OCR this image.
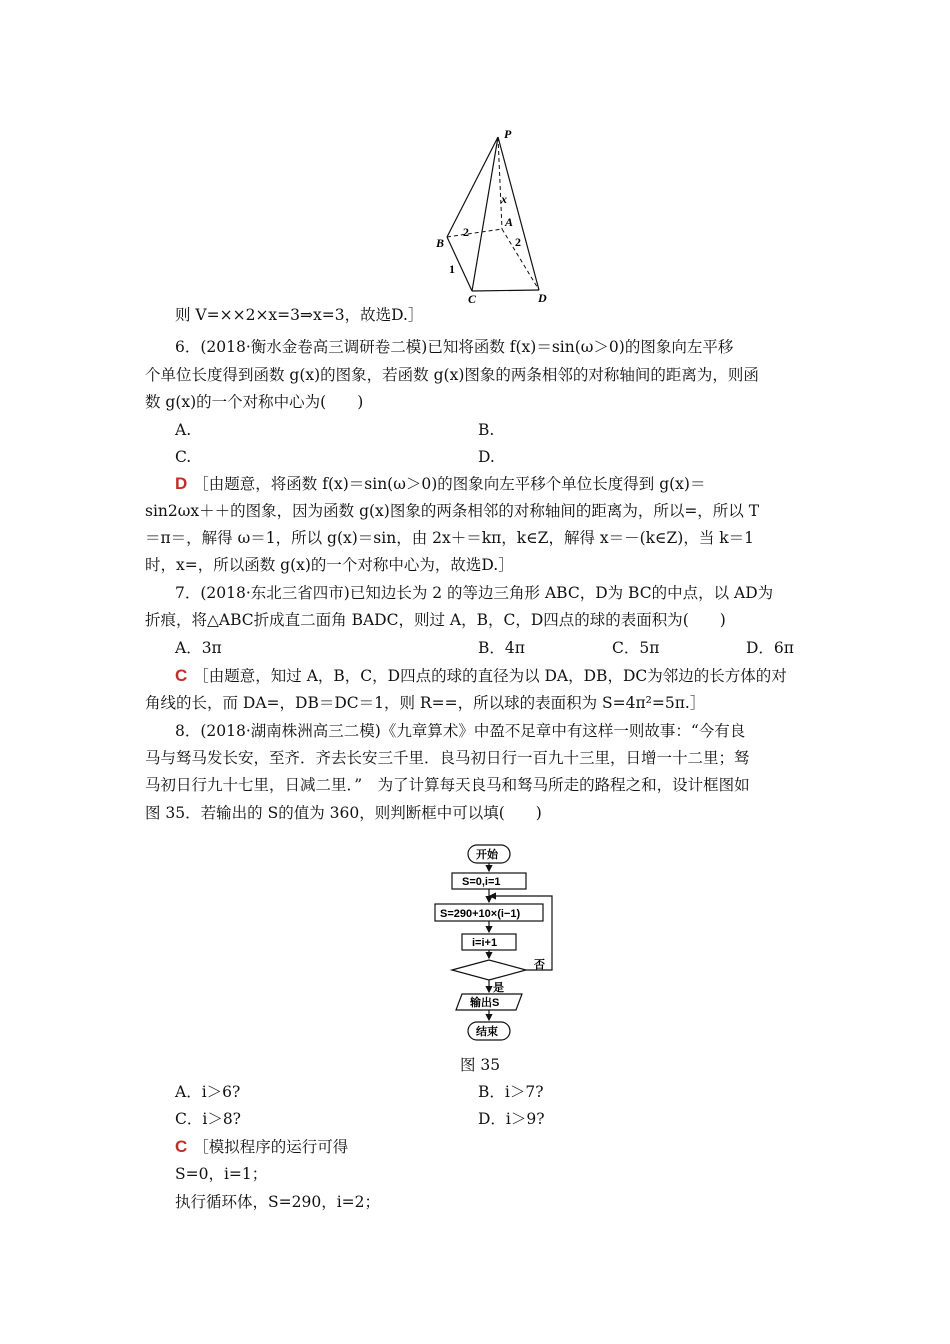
P
x
A
B
C	D
2
2
1
则 V=××2×x=3⇒x=3，故选D.］
6．(2018·衡水金卷高三调研卷二模)已知将函数 f(x)＝sin(ω＞0)的图象向左平移
个单位长度得到函数 g(x)的图象，若函数 g(x)图象的两条相邻的对称轴间的距离为，则函
数 g(x)的一个对称中心为(　　)
A.	B.
C.	D.
D ［由题意，将函数 f(x)＝sin(ω＞0)的图象向左平移个单位长度得到 g(x)＝
sin2ωx＋＋的图象，因为函数 g(x)图象的两条相邻的对称轴间的距离为，所以=，所以 T
＝π＝，解得 ω＝1，所以 g(x)＝sin，由 2x＋＝kπ，k∈Z，解得 x＝－(k∈Z)，当 k＝1
时，x=，所以函数 g(x)的一个对称中心为，故选D.］
7．(2018·东北三省四市)已知边长为 2 的等边三角形 ABC，D为 BC的中点，以 AD为
折痕，将△ABC折成直二面角 BADC，则过 A，B，C，D四点的球的表面积为(　　)
A．3π	B．4π	C．5π	D．6π
C ［由题意，知过 A，B，C，D四点的球的直径为以 DA，DB，DC为邻边的长方体的对
角线的长，而 DA=，DB＝DC＝1，则 R==，所以球的表面积为 S=4π²=5π.］
8．(2018·湖南株洲高三二模)《九章算术》中盈不足章中有这样一则故事：“今有良
马与驽马发长安，至齐．齐去长安三千里．良马初日行一百九十三里，日增一十二里；驽
马初日行九十七里，日减二里．”　为了计算每天良马和驽马所走的路程之和，设计框图如
图 35．若输出的 S的值为 360，则判断框中可以填(　　)
开始
S=0,i=1
S=290+10×(i−1)
i=i+1
否
是
输出S
结束
图 35
A．i＞6?	B．i＞7?
C．i＞8?	D．i＞9?
C ［模拟程序的运行可得
S=0，i=1；
执行循环体，S=290，i=2；
